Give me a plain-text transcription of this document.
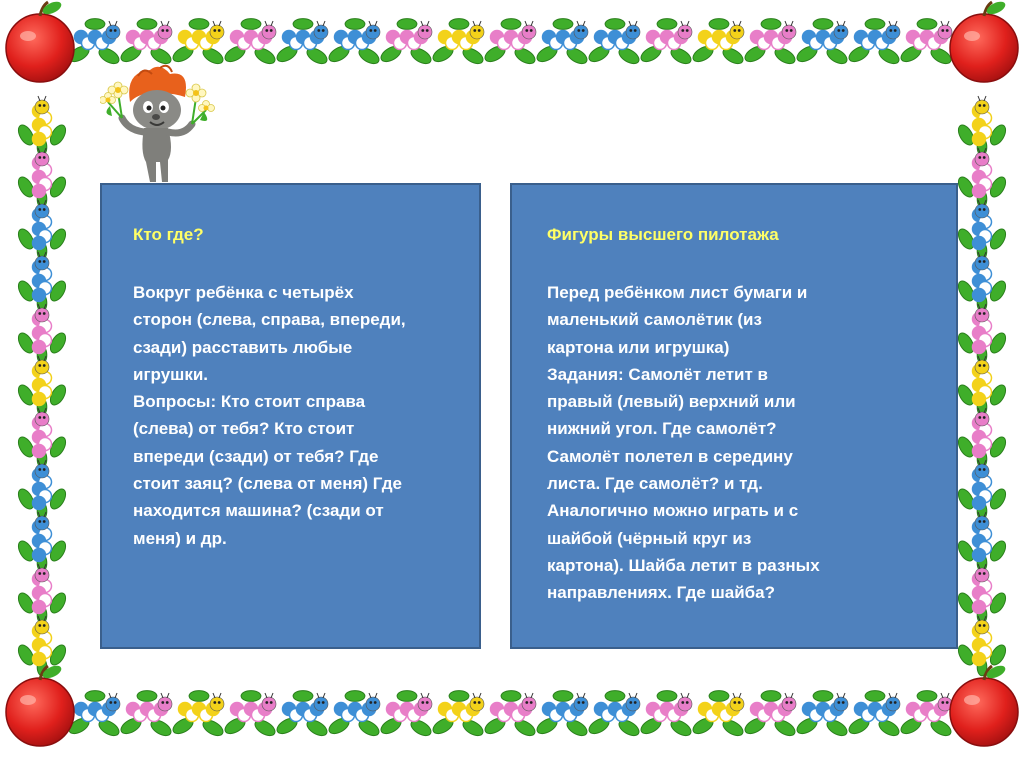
Кто где?
Вокруг ребёнка с четырёх
сторон (слева, справа, впереди,
сзади) расставить любые
игрушки.
Вопросы: Кто стоит справа
(слева) от тебя? Кто стоит
впереди (сзади) от тебя? Где
стоит заяц? (слева от меня) Где
находится машина? (сзади от
меня) и др.
Фигуры высшего пилотажа
Перед ребёнком лист бумаги и
маленький самолётик (из
картона или игрушка)
Задания: Самолёт летит в
правый (левый) верхний или
нижний угол. Где самолёт?
Самолёт полетел в середину
листа. Где самолёт? и тд.
Аналогично можно играть и с
шайбой (чёрный круг из
картона). Шайба летит в разных
направлениях. Где шайба?
